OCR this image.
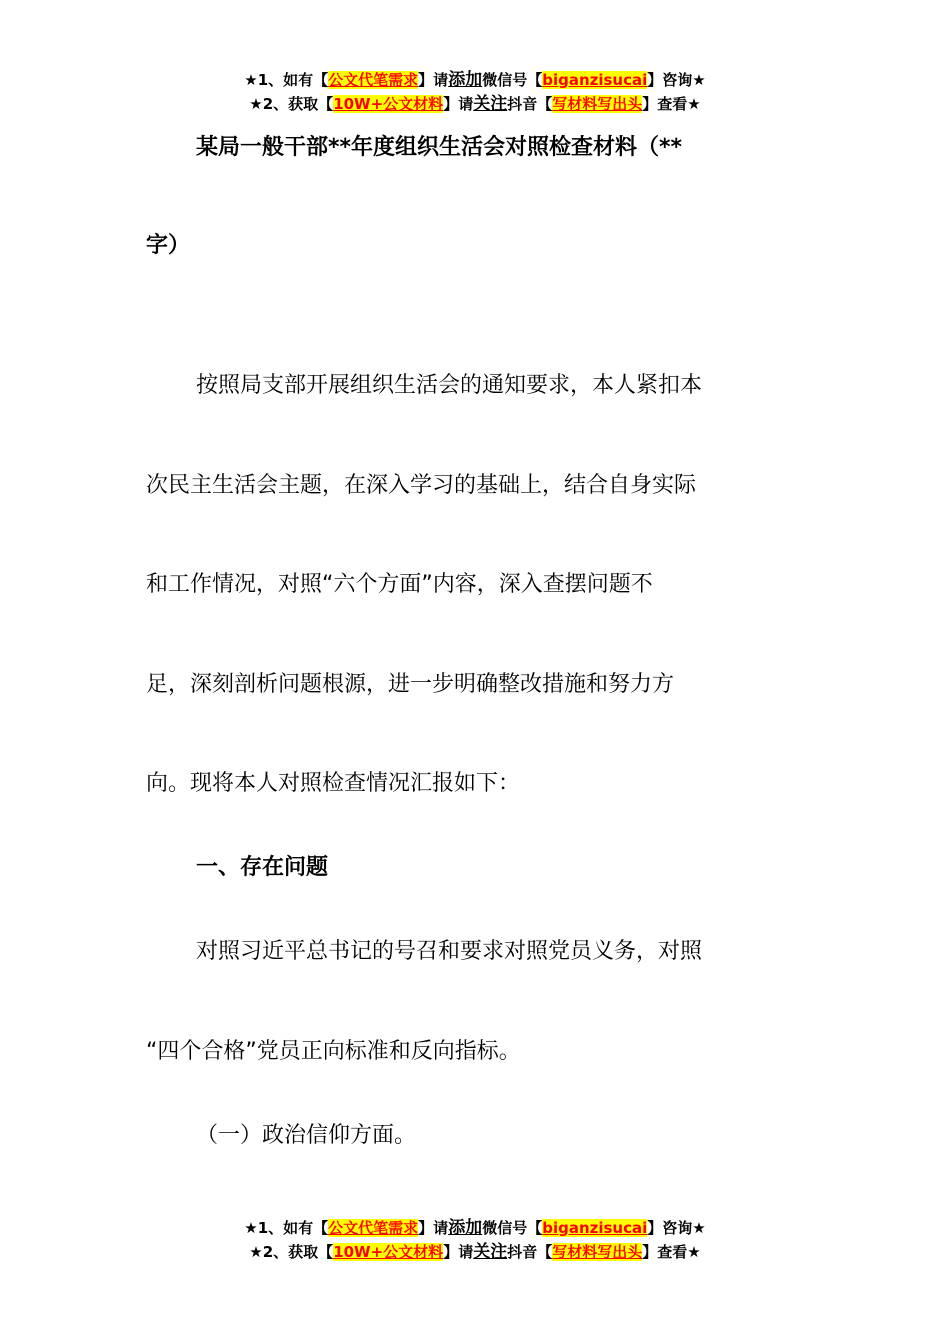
★1、如有【公文代笔需求】请添加微信号【biganzisucai】咨询★
★2、获取【10W+公文材料】请关注抖音【写材料写出头】查看★
某局一般干部**年度组织生活会对照检查材料（**
字）
按照局支部开展组织生活会的通知要求，本人紧扣本
次民主生活会主题，在深入学习的基础上，结合自身实际
和工作情况，对照“六个方面”内容，深入查摆问题不
足，深刻剖析问题根源，进一步明确整改措施和努力方
向。现将本人对照检查情况汇报如下：
一、存在问题
对照习近平总书记的号召和要求对照党员义务，对照
“四个合格”党员正向标准和反向指标。
（一）政治信仰方面。
★1、如有【公文代笔需求】请添加微信号【biganzisucai】咨询★
★2、获取【10W+公文材料】请关注抖音【写材料写出头】查看★
